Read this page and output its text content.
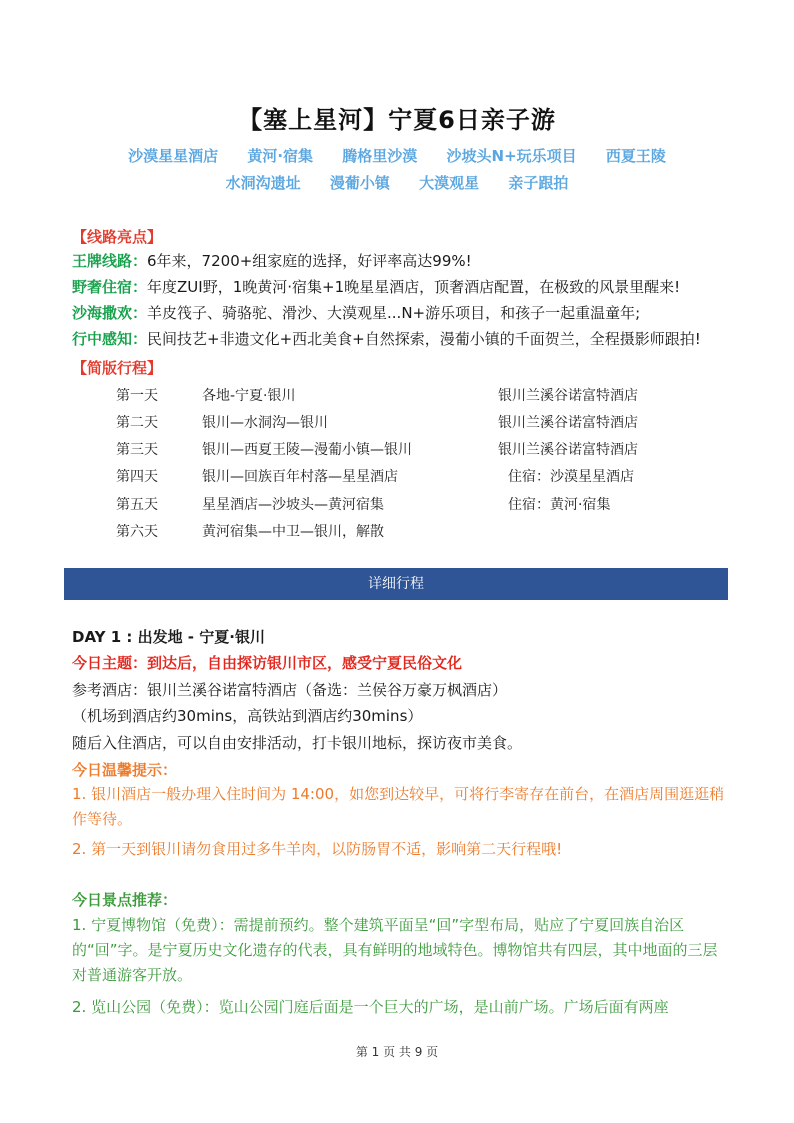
【塞上星河】宁夏6日亲子游
沙漠星星酒店 黄河·宿集 腾格里沙漠 沙坡头N+玩乐项目 西夏王陵
水洞沟遗址 漫葡小镇 大漠观星 亲子跟拍
【线路亮点】
王牌线路：6年来，7200+组家庭的选择，好评率高达99%!
野奢住宿：年度ZUI野，1晚黄河·宿集+1晚星星酒店，顶奢酒店配置，在极致的风景里醒来!
沙海撒欢：羊皮筏子、骑骆驼、滑沙、大漠观星...N+游乐项目，和孩子一起重温童年;
行中感知：民间技艺+非遗文化+西北美食+自然探索，漫葡小镇的千面贺兰，全程摄影师跟拍!
【简版行程】
第一天	各地-宁夏·银川	银川兰溪谷诺富特酒店
第二天	银川—水洞沟—银川	银川兰溪谷诺富特酒店
第三天	银川—西夏王陵—漫葡小镇—银川	银川兰溪谷诺富特酒店
第四天	银川—回族百年村落—星星酒店	住宿：沙漠星星酒店
第五天	星星酒店—沙坡头—黄河宿集	住宿：黄河·宿集
第六天	黄河宿集—中卫—银川，解散
详细行程
DAY 1 : 出发地 - 宁夏·银川
今日主题：到达后，自由探访银川市区，感受宁夏民俗文化
参考酒店：银川兰溪谷诺富特酒店（备选：兰侯谷万豪万枫酒店）
（机场到酒店约30mins，高铁站到酒店约30mins）
随后入住酒店，可以自由安排活动，打卡银川地标，探访夜市美食。
今日温馨提示：
1. 银川酒店一般办理入住时间为 14:00，如您到达较早，可将行李寄存在前台，在酒店周围逛逛稍作等待。
2. 第一天到银川请勿食用过多牛羊肉，以防肠胃不适，影响第二天行程哦!
今日景点推荐：
1. 宁夏博物馆（免费）：需提前预约。整个建筑平面呈“回”字型布局，贴应了宁夏回族自治区的“回”字。是宁夏历史文化遗存的代表，具有鲜明的地域特色。博物馆共有四层，其中地面的三层对普通游客开放。
2. 览山公园（免费）：览山公园门庭后面是一个巨大的广场，是山前广场。广场后面有两座
第 1 页 共 9 页
